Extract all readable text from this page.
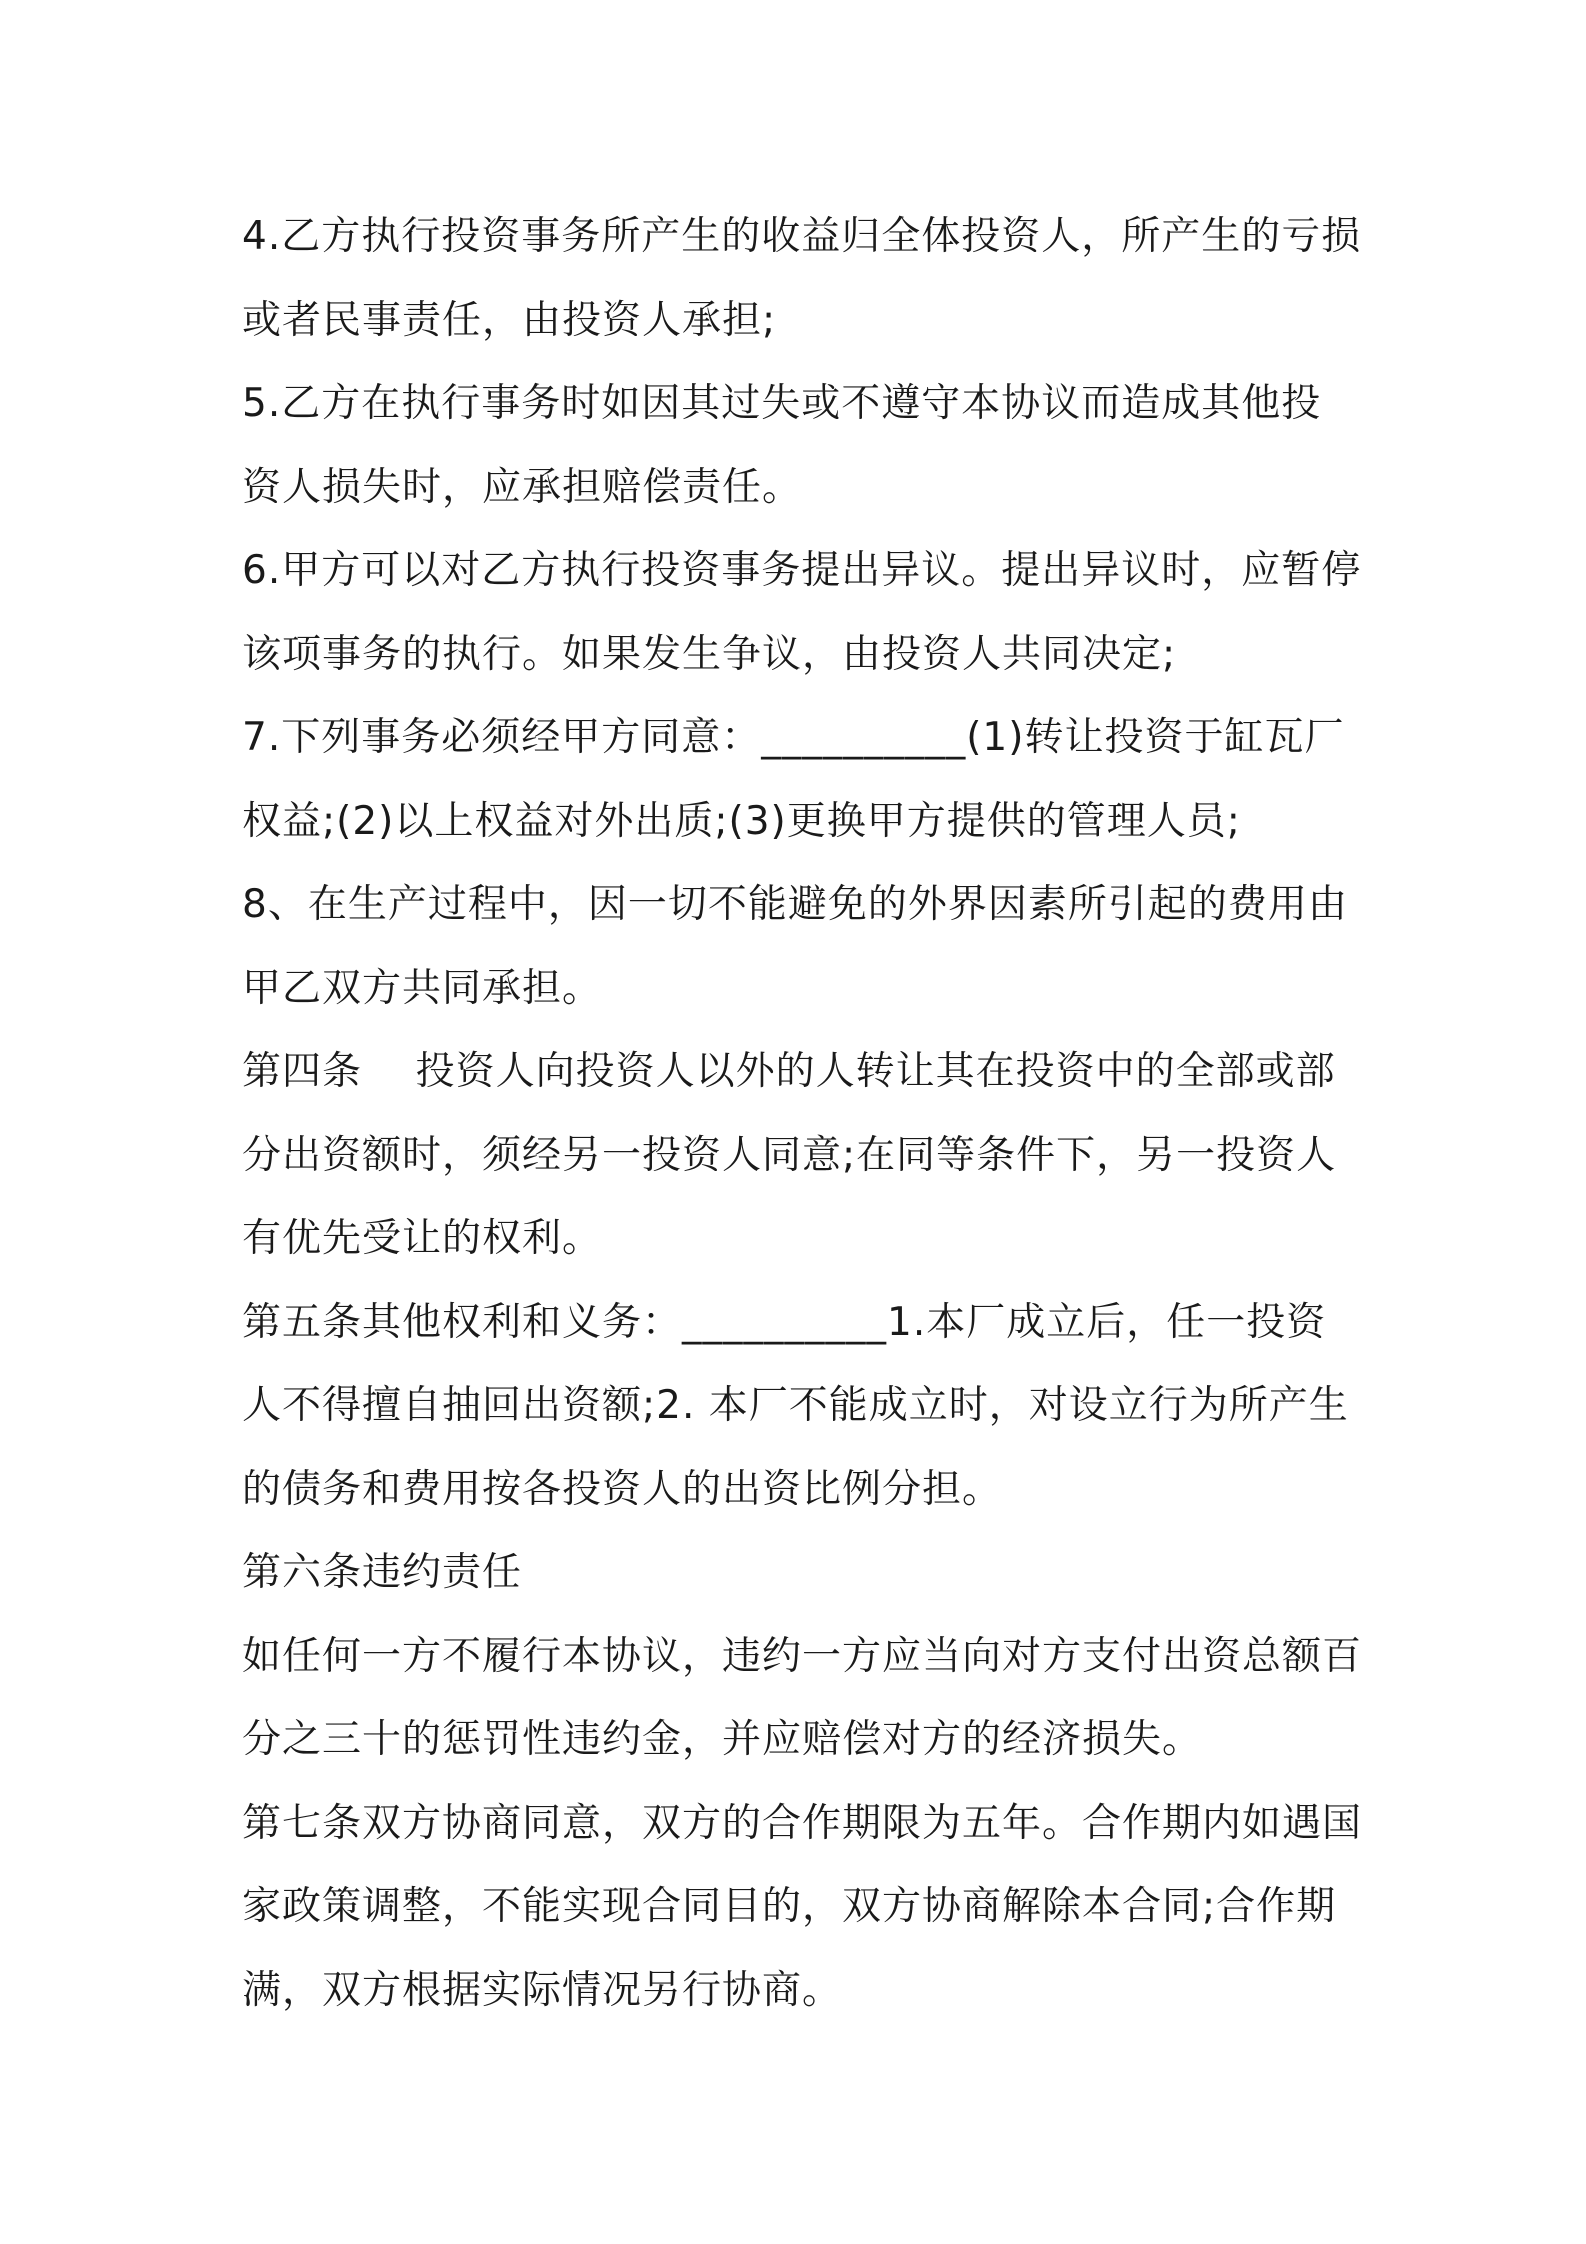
4.乙方执行投资事务所产生的收益归全体投资人，所产生的亏损
或者民事责任，由投资人承担;
5.乙方在执行事务时如因其过失或不遵守本协议而造成其他投
资人损失时，应承担赔偿责任。
6.甲方可以对乙方执行投资事务提出异议。提出异议时，应暂停
该项事务的执行。如果发生争议，由投资人共同决定;
7.下列事务必须经甲方同意：__________(1)转让投资于缸瓦厂
权益;(2)以上权益对外出质;(3)更换甲方提供的管理人员;
8、在生产过程中，因一切不能避免的外界因素所引起的费用由
甲乙双方共同承担。
第四条    投资人向投资人以外的人转让其在投资中的全部或部
分出资额时，须经另一投资人同意;在同等条件下，另一投资人
有优先受让的权利。
第五条其他权利和义务：__________1.本厂成立后，任一投资
人不得擅自抽回出资额;2. 本厂不能成立时，对设立行为所产生
的债务和费用按各投资人的出资比例分担。
第六条违约责任
如任何一方不履行本协议，违约一方应当向对方支付出资总额百
分之三十的惩罚性违约金，并应赔偿对方的经济损失。
第七条双方协商同意，双方的合作期限为五年。合作期内如遇国
家政策调整，不能实现合同目的，双方协商解除本合同;合作期
满，双方根据实际情况另行协商。
